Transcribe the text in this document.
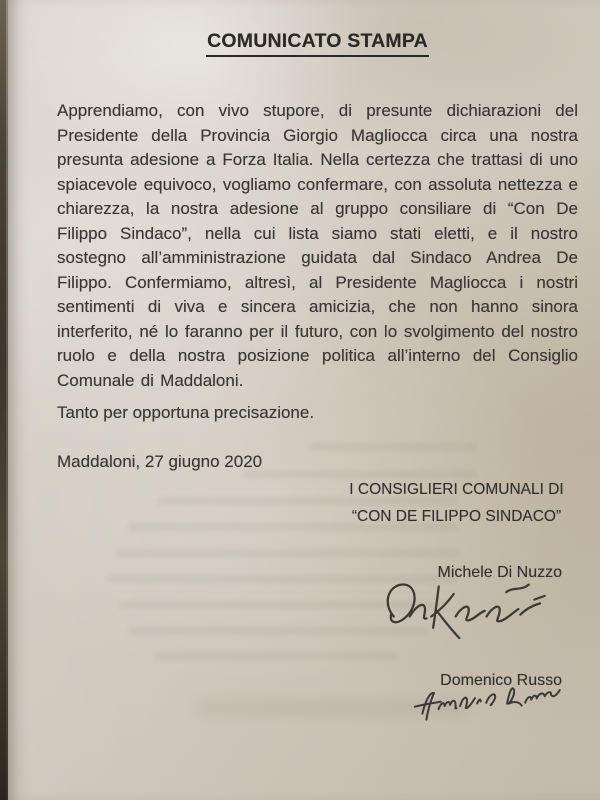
COMUNICATO STAMPA

Apprendiamo, con vivo stupore, di presunte dichiarazioni del Presidente della Provincia Giorgio Magliocca circa una nostra presunta adesione a Forza Italia. Nella certezza che trattasi di uno spiacevole equivoco, vogliamo confermare, con assoluta nettezza e chiarezza, la nostra adesione al gruppo consiliare di “Con De Filippo Sindaco”, nella cui lista siamo stati eletti, e il nostro sostegno all’amministrazione guidata dal Sindaco Andrea De Filippo. Confermiamo, altresì, al Presidente Magliocca i nostri sentimenti di viva e sincera amicizia, che non hanno sinora interferito, né lo faranno per il futuro, con lo svolgimento del nostro ruolo e della nostra posizione politica all’interno del Consiglio Comunale di Maddaloni.

Tanto per opportuna precisazione.

Maddaloni, 27 giugno 2020

I CONSIGLIERI COMUNALI DI
“CON DE FILIPPO SINDACO”
Michele Di Nuzzo
Domenico Russo
